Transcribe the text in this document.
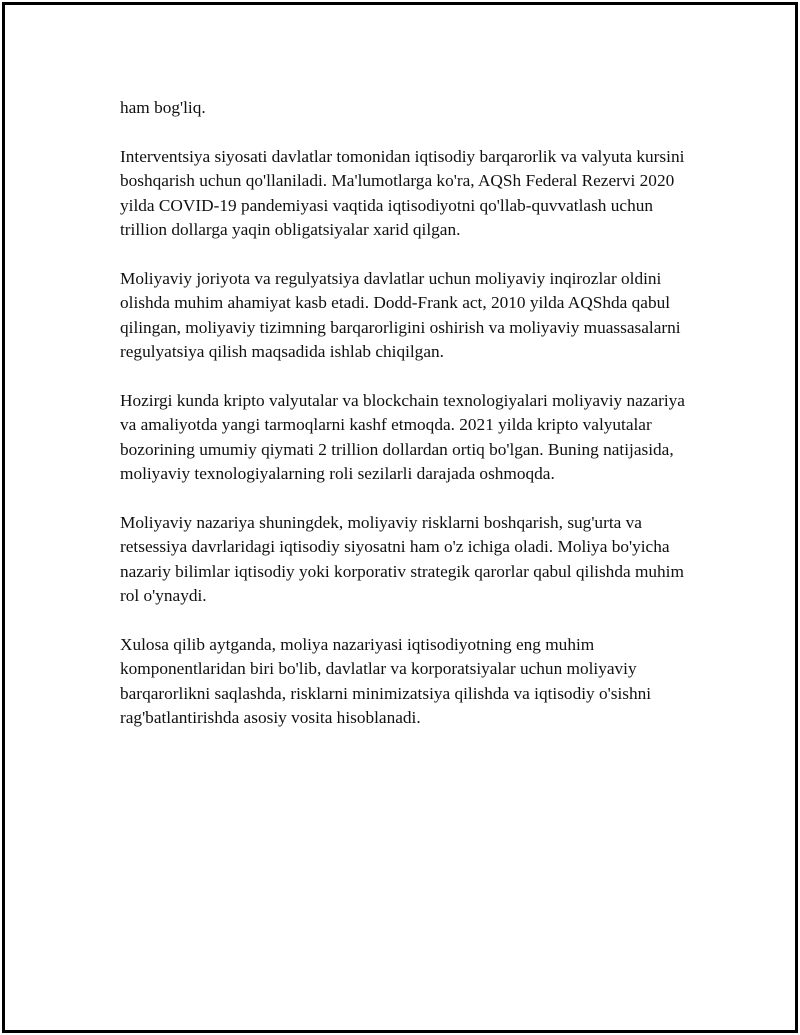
ham bog'liq.

Interventsiya siyosati davlatlar tomonidan iqtisodiy barqarorlik va valyuta kursini boshqarish uchun qo'llaniladi. Ma'lumotlarga ko'ra, AQSh Federal Rezervi 2020 yilda COVID-19 pandemiyasi vaqtida iqtisodiyotni qo'llab-quvvatlash uchun trillion dollarga yaqin obligatsiyalar xarid qilgan.

Moliyaviy joriyota va regulyatsiya davlatlar uchun moliyaviy inqirozlar oldini olishda muhim ahamiyat kasb etadi. Dodd-Frank act, 2010 yilda AQShda qabul qilingan, moliyaviy tizimning barqarorligini oshirish va moliyaviy muassasalarni regulyatsiya qilish maqsadida ishlab chiqilgan.

Hozirgi kunda kripto valyutalar va blockchain texnologiyalari moliyaviy nazariya va amaliyotda yangi tarmoqlarni kashf etmoqda. 2021 yilda kripto valyutalar bozorining umumiy qiymati 2 trillion dollardan ortiq bo'lgan. Buning natijasida, moliyaviy texnologiyalarning roli sezilarli darajada oshmoqda.

Moliyaviy nazariya shuningdek, moliyaviy risklarni boshqarish, sug'urta va retsessiya davrlaridagi iqtisodiy siyosatni ham o'z ichiga oladi. Moliya bo'yicha nazariy bilimlar iqtisodiy yoki korporativ strategik qarorlar qabul qilishda muhim rol o'ynaydi.

Xulosa qilib aytganda, moliya nazariyasi iqtisodiyotning eng muhim komponentlaridan biri bo'lib, davlatlar va korporatsiyalar uchun moliyaviy barqarorlikni saqlashda, risklarni minimizatsiya qilishda va iqtisodiy o'sishni rag'batlantirishda asosiy vosita hisoblanadi.
